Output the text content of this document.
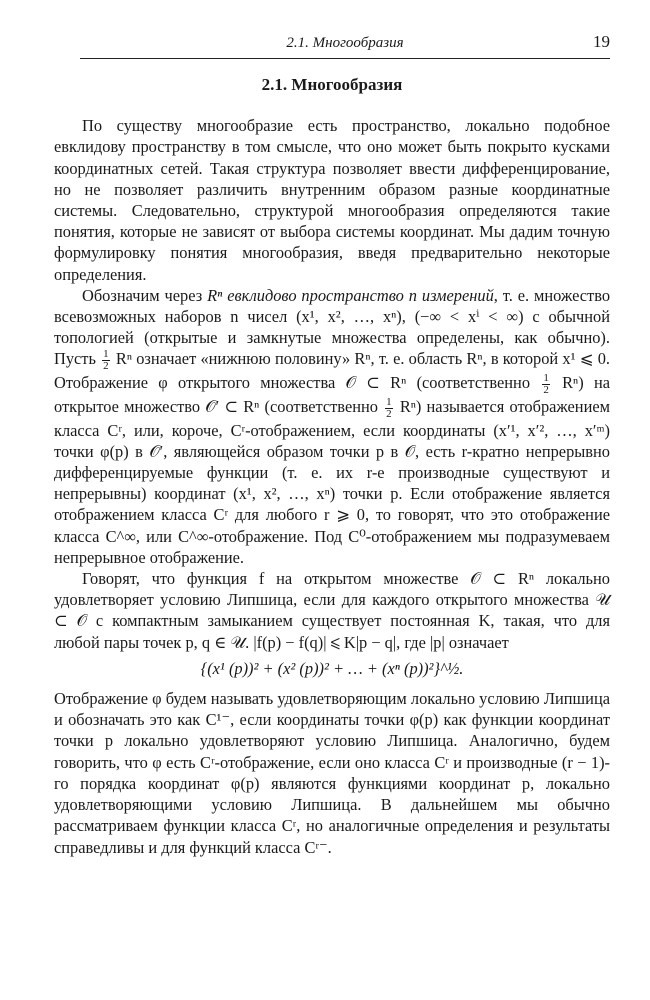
2.1. Многообразия	19
2.1. Многообразия

По существу многообразие есть пространство, локально подобное евклидову пространству в том смысле, что оно может быть покрыто кусками координатных сетей. Такая структура позволяет ввести дифференцирование, но не позволяет различить внутренним образом разные координатные системы. Следовательно, структурой многообразия определяются такие понятия, которые не зависят от выбора системы координат. Мы дадим точную формулировку понятия многообразия, введя предварительно некоторые определения.

Обозначим через Rⁿ евклидово пространство n измерений, т. е. множество всевозможных наборов n чисел (x¹, x², …, xⁿ), (−∞ < xⁱ < ∞) с обычной топологией (открытые и замкнутые множества определены, как обычно). Пусть $\frac{1}{2}$ Rⁿ означает «нижнюю половину» Rⁿ, т. е. область Rⁿ, в которой x¹ ⩽ 0. Отображение φ открытого множества 𝒪 ⊂ Rⁿ (соответственно $\frac{1}{2} R^n$) на открытое множество 𝒪′ ⊂ Rⁿ (соответственно $\frac{1}{2} R^n$) называется отображением класса Cʳ, или, короче, Cʳ-отображением, если координаты (x′¹, x′², …, x′ᵐ) точки φ(p) в 𝒪′, являющейся образом точки p в 𝒪, есть r-кратно непрерывно дифференцируемые функции (т. е. их r-е производные существуют и непрерывны) координат (x¹, x², …, xⁿ) точки p. Если отображение является отображением класса Cʳ для любого r ⩾ 0, то говорят, что это отображение класса C^∞, или C^∞-отображение. Под C⁰-отображением мы подразумеваем непрерывное отображение.

Говорят, что функция f на открытом множестве 𝒪 ⊂ Rⁿ локально удовлетворяет условию Липшица, если для каждого открытого множества 𝒰 ⊂ 𝒪 с компактным замыканием существует постоянная K, такая, что для любой пары точек p, q ∈ 𝒰. |f(p) − f(q)| ⩽ K|p − q|, где |p| означает

{(x¹ (p))² + (x² (p))² + … + (xⁿ (p))²}^½.

Отображение φ будем называть удовлетворяющим локально условию Липшица и обозначать это как C¹⁻, если координаты точки φ(p) как функции координат точки p локально удовлетворяют условию Липшица. Аналогично, будем говорить, что φ есть Cʳ-отображение, если оно класса Cʳ и производные (r − 1)-го порядка координат φ(p) являются функциями координат p, локально удовлетворяющими условию Липшица. В дальнейшем мы обычно рассматриваем функции класса Cʳ, но аналогичные определения и результаты справедливы и для функций класса Cʳ⁻.
